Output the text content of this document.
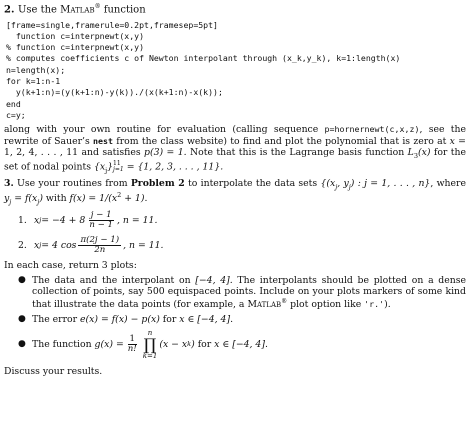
2. Use the Matlab® function
[frame=single,framerule=0.2pt,framesep=5pt]
function c=interpnewt(x,y)
% function c=interpnewt(x,y)
% computes coefficients c of Newton interpolant through (x_k,y_k), k=1:length(x)
n=length(x);
for k=1:n-1
y(k+1:n)=(y(k+1:n)-y(k))./(x(k+1:n)-x(k));
end
c=y;
along with your own routine for evaluation (calling sequence p=hornernewt(c,x,z), see the rewrite of Sauer’s nest from the class website) to find and plot the polynomial that is zero at x = 1, 2, 4, . . . , 11 and satisfies p(3) = 1. Note that this is the Lagrange basis function $L_3(x)$ for the set of nodal points $\{x_j\}$ 11
j=1 = {1, 2, 3, . . . , 11}.
3. Use your routines from Problem 2 to interpolate the data sets {($x_j$, $y_j$) : j = 1, . . . , n}, where $y_j = f(x_j)$ with $f(x) = 1/(x^2 + 1)$.
1. x $j = -4 + 8 \frac{j - 1}{n - 1}$ , n = 11.
2. x j = 4 $\cos \frac{\pi(2j - 1)}{2n}$ , n = 11.
In each case, return 3 plots:
● The data and the interpolant on [−4, 4]. The interpolants should be plotted on a dense collection of points, say 500 equispaced points. Include on your plots markers of some kind that illustrate the data points (for example, a Matlab® plot option like 'r.').
● The error e(x) = f(x) − p(x) for x ∈ [−4, 4].
● The function
$g(x) = \frac{1}{n!}$
n
∏
k=1
(x − x k )
for
x ∈ [−4, 4] .
Discuss your results.
